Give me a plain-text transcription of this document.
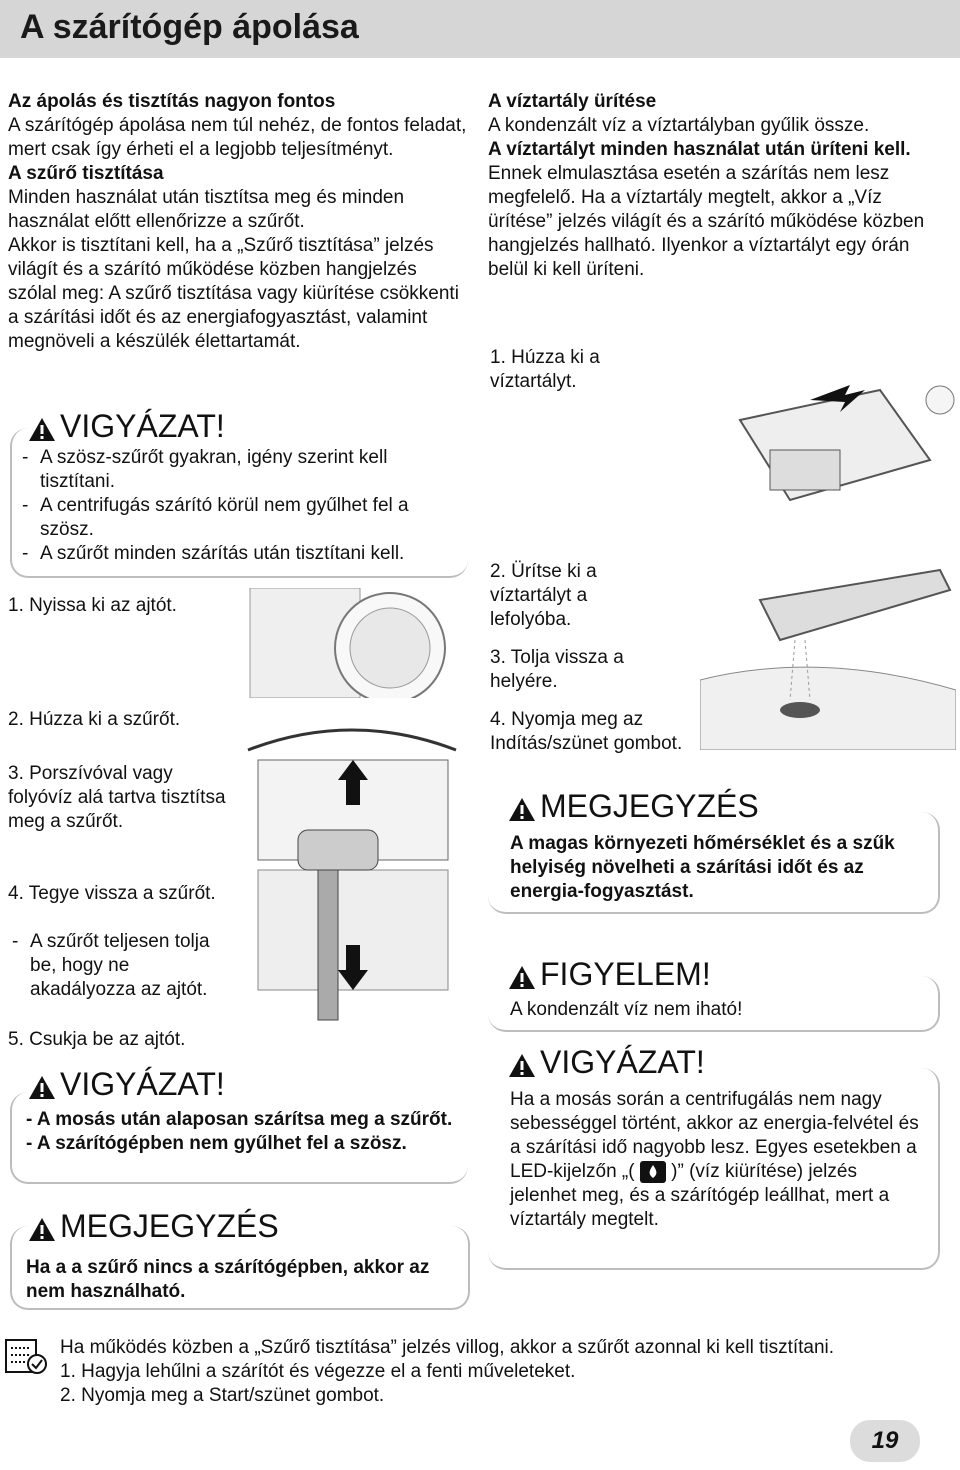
A szárítógép ápolása
Az ápolás és tisztítás nagyon fontos
A szárítógép ápolása nem túl nehéz, de fontos feladat, mert csak így érheti el a legjobb teljesítményt.
A szűrő tisztítása
Minden használat után tisztítsa meg és minden használat előtt ellenőrizze a szűrőt.
Akkor is tisztítani kell, ha a „Szűrő tisztítása” jelzés világít és a szárító működése közben hangjelzés szólal meg: A szűrő tisztítása vagy kiürítése csökkenti a szárítási időt és az energiafogyasztást, valamint megnöveli a készülék élettartamát.
VIGYÁZAT!
- A szösz-szűrőt gyakran, igény szerint kell tisztítani.
- A centrifugás szárító körül nem gyűlhet fel a szösz.
- A szűrőt minden szárítás után tisztítani kell.
1. Nyissa ki az ajtót.
2. Húzza ki a szűrőt.
3. Porszívóval vagy folyóvíz alá tartva tisztítsa meg a szűrőt.
4. Tegye vissza a szűrőt.
- A szűrőt teljesen tolja be, hogy ne akadályozza az ajtót.
5. Csukja be az ajtót.
VIGYÁZAT!
- A mosás után alaposan szárítsa meg a szűrőt.
- A szárítógépben nem gyűlhet fel a szösz.
MEGJEGYZÉS
Ha a a szűrő nincs a szárítógépben, akkor az nem használható.
A víztartály ürítése
A kondenzált víz a víztartályban gyűlik össze.
A víztartályt minden használat után üríteni kell.
Ennek elmulasztása esetén a szárítás nem lesz megfelelő. Ha a víztartály megtelt, akkor a „Víz ürítése” jelzés világít és a szárító működése közben hangjelzés hallható. Ilyenkor a víztartályt egy órán belül ki kell üríteni.
1. Húzza ki a víztartályt.
2. Ürítse ki a víztartályt a lefolyóba.
3. Tolja vissza a helyére.
4. Nyomja meg az Indítás/szünet gombot.
MEGJEGYZÉS
A magas környezeti hőmérséklet és a szűk helyiség növelheti a szárítási időt és az energia-fogyasztást.
FIGYELEM!
A kondenzált víz nem iható!
VIGYÁZAT!
Ha a mosás során a centrifugálás nem nagy sebességgel történt, akkor az energia-felvétel és a szárítási idő nagyobb lesz. Egyes esetekben a LED-kijelzőn „( )” (víz kiürítése) jelzés jelenhet meg, és a szárítógép leállhat, mert a víztartály megtelt.
Ha működés közben a „Szűrő tisztítása” jelzés villog, akkor a szűrőt azonnal ki kell tisztítani.
1. Hagyja lehűlni a szárítót és végezze el a fenti műveleteket.
2. Nyomja meg a Start/szünet gombot.
19
